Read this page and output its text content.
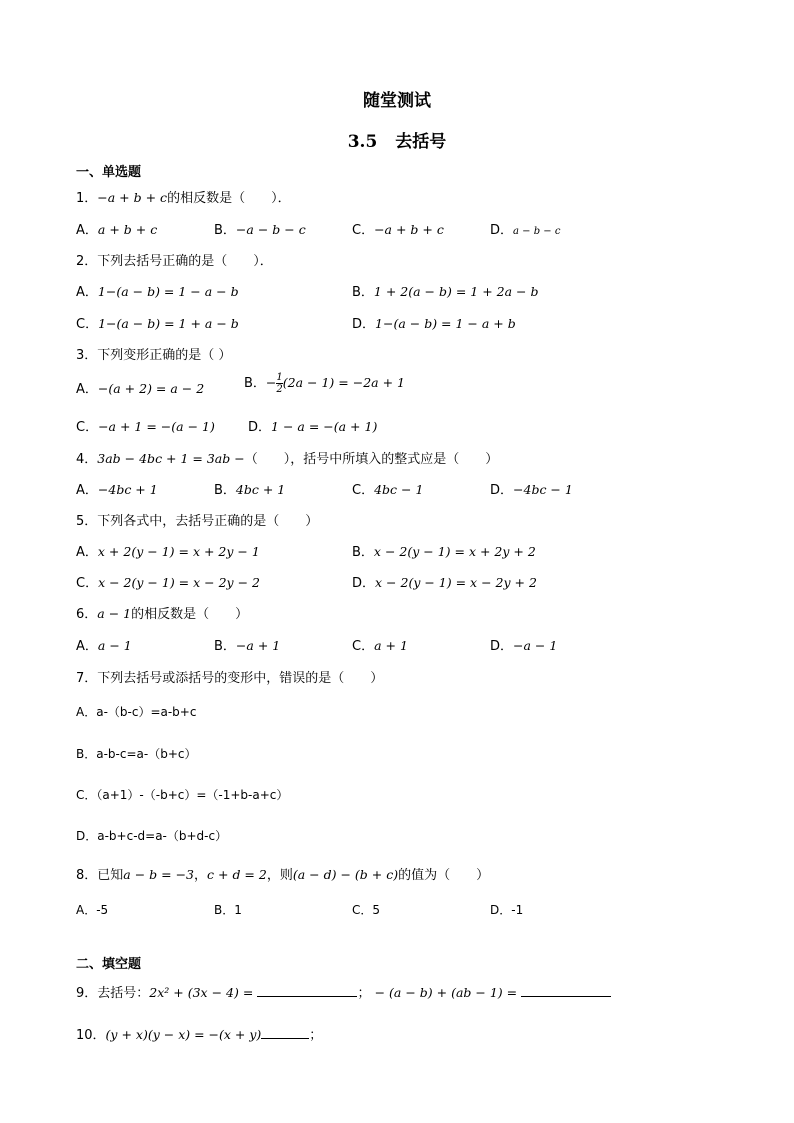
随堂测试
3.5 去括号
一、单选题
1．−a + b + c的相反数是（　　）．
A．a + b + c	B．−a − b − c	C．−a + b + c	D．a − b − c
2．下列去括号正确的是（　　）．
A．1−(a − b) = 1 − a − b	B．1 + 2(a − b) = 1 + 2a − b
C．1−(a − b) = 1 + a − b	D．1−(a − b) = 1 − a + b
3．下列变形正确的是（ ）
A．−(a + 2) = a − 2	B．$-\frac{1}{2} (2a - 1) = -2a + 1$
C．−a + 1 = −(a − 1)	D．1 − a = −(a + 1)
4．3ab − 4bc + 1 = 3ab −（　　），括号中所填入的整式应是（　　）
A．−4bc + 1	B．4bc + 1	C．4bc − 1	D．−4bc − 1
5．下列各式中，去括号正确的是（　　）
A．x + 2(y − 1) = x + 2y − 1	B．x − 2(y − 1) = x + 2y + 2
C．x − 2(y − 1) = x − 2y − 2	D．x − 2(y − 1) = x − 2y + 2
6．a − 1的相反数是（　　）
A．a − 1	B．−a + 1	C．a + 1	D．−a − 1
7．下列去括号或添括号的变形中，错误的是（　　）
A．a-（b-c）=a-b+c
B．a-b-c=a-（b+c）
C．（a+1）-（-b+c）=（-1+b-a+c）
D．a-b+c-d=a-（b+d-c）
8．已知a − b = −3，c + d = 2，则(a − d) − (b + c)的值为（　　）
A．-5	B．1	C．5	D．-1
二、填空题
9．去括号：2x² + (3x − 4) =	； − (a − b) + (ab − 1) =
10．(y + x)(y − x) = −(x + y)	；
